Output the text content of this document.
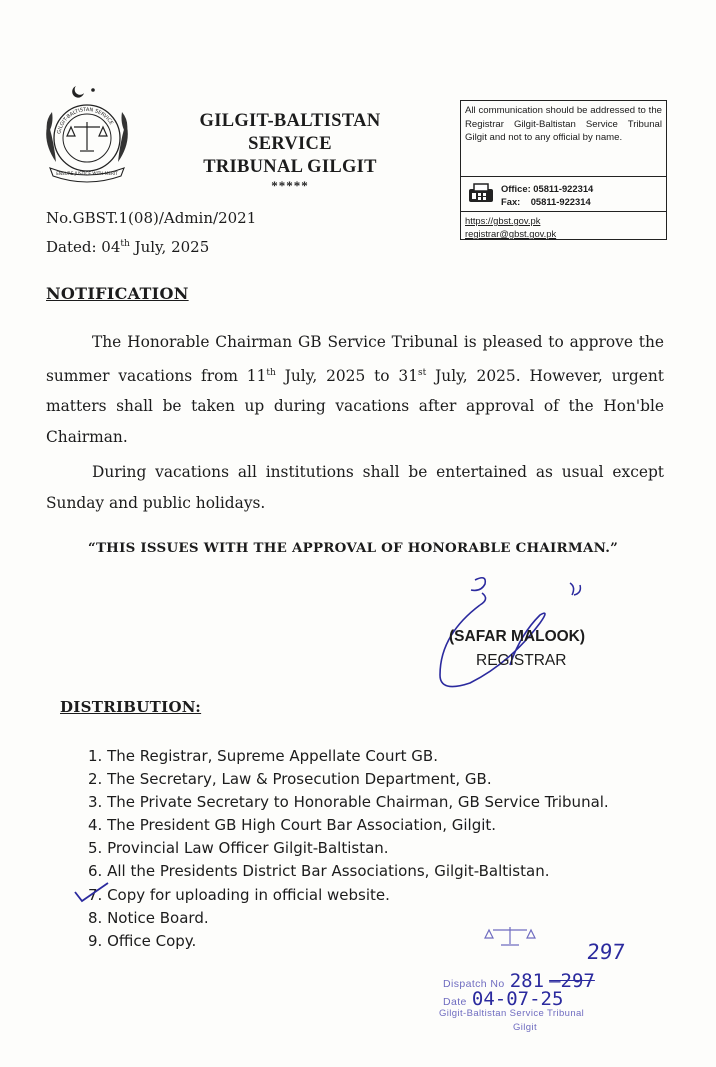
ENSURE JUSTICE WITH MERIT
GILGIT-BALTISTAN SERVICE	GILGIT-BALTISTAN SERVICE
TRIBUNAL GILGIT
*****
All communication should be addressed to the Registrar Gilgit-Baltistan Service Tribunal Gilgit and not to any official by name.
Office: 05811-922314
Fax:    05811-922314
https://gbst.gov.pk
registrar@gbst.gov.pk
No.GBST.1(08)/Admin/2021
Dated: 04th July, 2025
NOTIFICATION
The Honorable Chairman GB Service Tribunal is pleased to approve the summer vacations from 11th July, 2025 to 31st July, 2025. However, urgent matters shall be taken up during vacations after approval of the Hon'ble Chairman.
During vacations all institutions shall be entertained as usual except Sunday and public holidays.
“THIS ISSUES WITH THE APPROVAL OF HONORABLE CHAIRMAN.”
(SAFAR MALOOK)
REGISTRAR
DISTRIBUTION:
1. The Registrar, Supreme Appellate Court GB.
2. The Secretary, Law & Prosecution Department, GB.
3. The Private Secretary to Honorable Chairman, GB Service Tribunal.
4. The President GB High Court Bar Association, Gilgit.
5. Provincial Law Officer Gilgit-Baltistan.
6. All the Presidents District Bar Associations, Gilgit-Baltistan.
7. Copy for uploading in official website.
8. Notice Board.
9. Office Copy.	297
Dispatch No 281 —297
Date 04-07-25
Gilgit-Baltistan Service Tribunal
Gilgit
